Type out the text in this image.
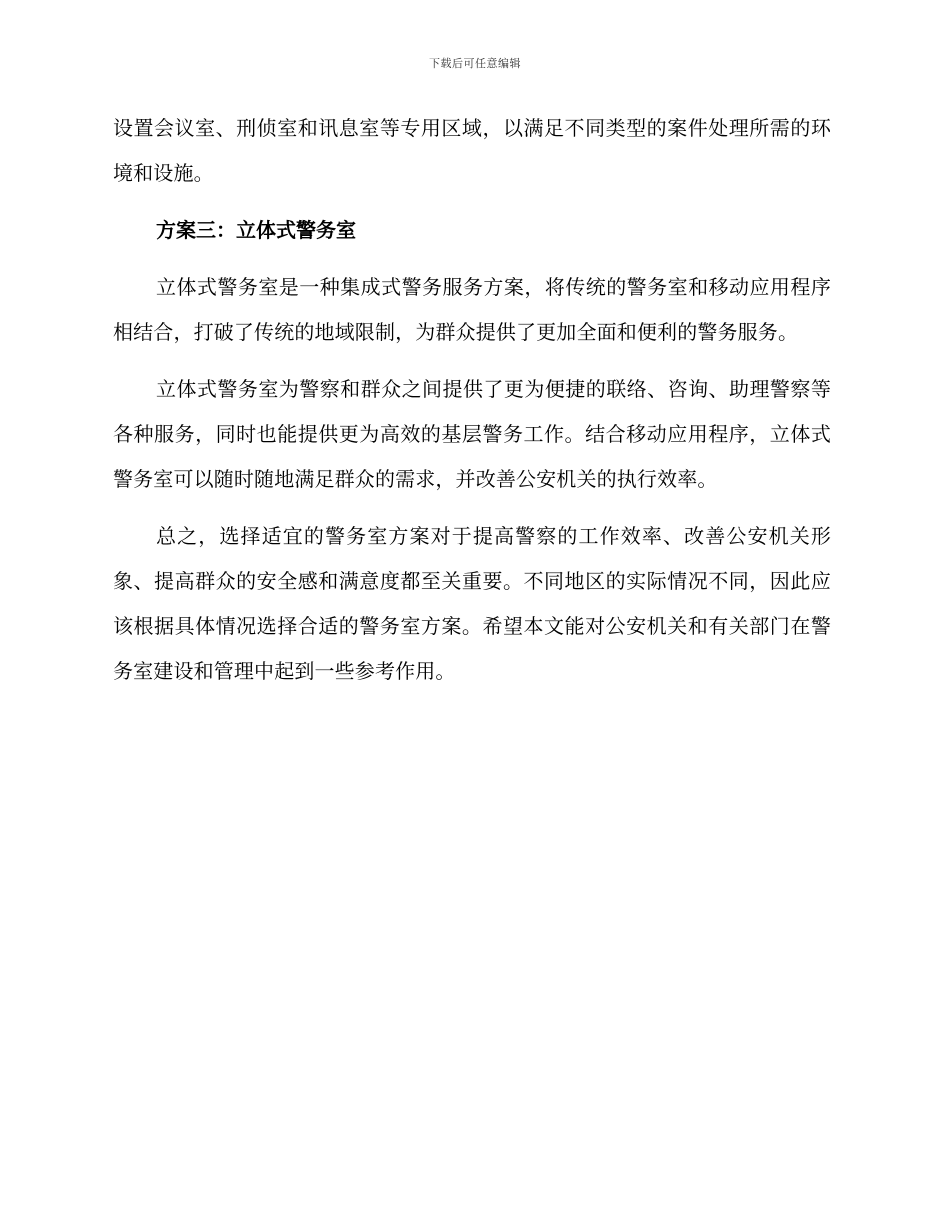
下载后可任意编辑

设置会议室、刑侦室和讯息室等专用区域，以满足不同类型的案件处理所需的环境和设施。

方案三：立体式警务室

立体式警务室是一种集成式警务服务方案，将传统的警务室和移动应用程序相结合，打破了传统的地域限制，为群众提供了更加全面和便利的警务服务。

立体式警务室为警察和群众之间提供了更为便捷的联络、咨询、助理警察等各种服务，同时也能提供更为高效的基层警务工作。结合移动应用程序，立体式警务室可以随时随地满足群众的需求，并改善公安机关的执行效率。

总之，选择适宜的警务室方案对于提高警察的工作效率、改善公安机关形象、提高群众的安全感和满意度都至关重要。不同地区的实际情况不同，因此应该根据具体情况选择合适的警务室方案。希望本文能对公安机关和有关部门在警务室建设和管理中起到一些参考作用。
